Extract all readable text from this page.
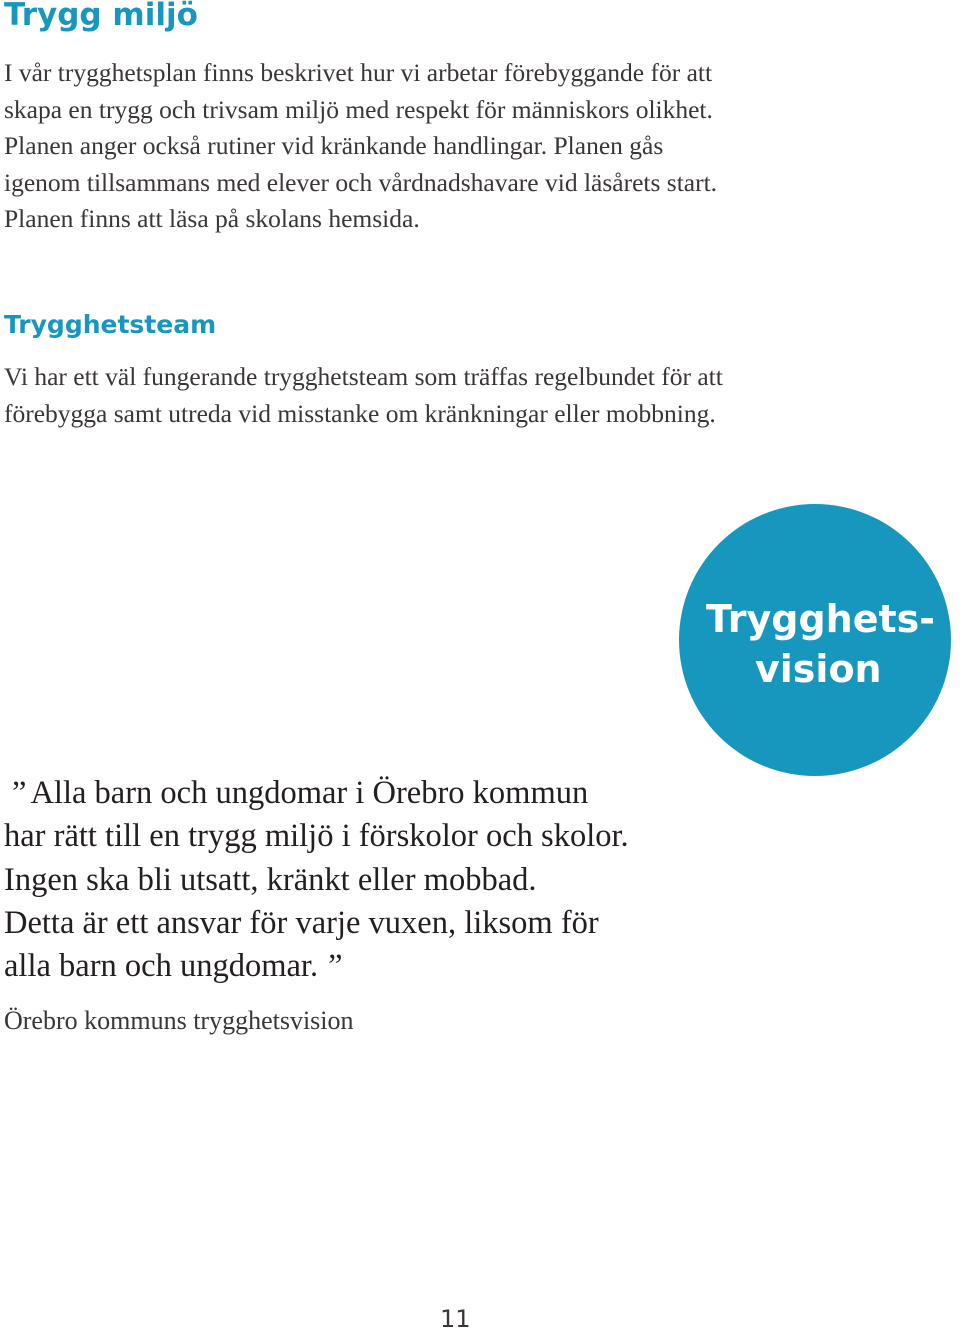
Trygg miljö
I vår trygghetsplan finns beskrivet hur vi arbetar förebyggande för att
skapa en trygg och trivsam miljö med respekt för människors olikhet.
Planen anger också rutiner vid kränkande handlingar. Planen gås
igenom tillsammans med elever och vårdnadshavare vid läsårets start.
Planen finns att läsa på skolans hemsida.
Trygghetsteam
Vi har ett väl fungerande trygghetsteam som träffas regelbundet för att
förebygga samt utreda vid misstanke om kränkningar eller mobbning.
Trygghets-
vision
” Alla barn och ungdomar i Örebro kommun
har rätt till en trygg miljö i förskolor och skolor.
Ingen ska bli utsatt, kränkt eller mobbad.
Detta är ett ansvar för varje vuxen, liksom för
alla barn och ungdomar. ”

Örebro kommuns trygghetsvision

11
